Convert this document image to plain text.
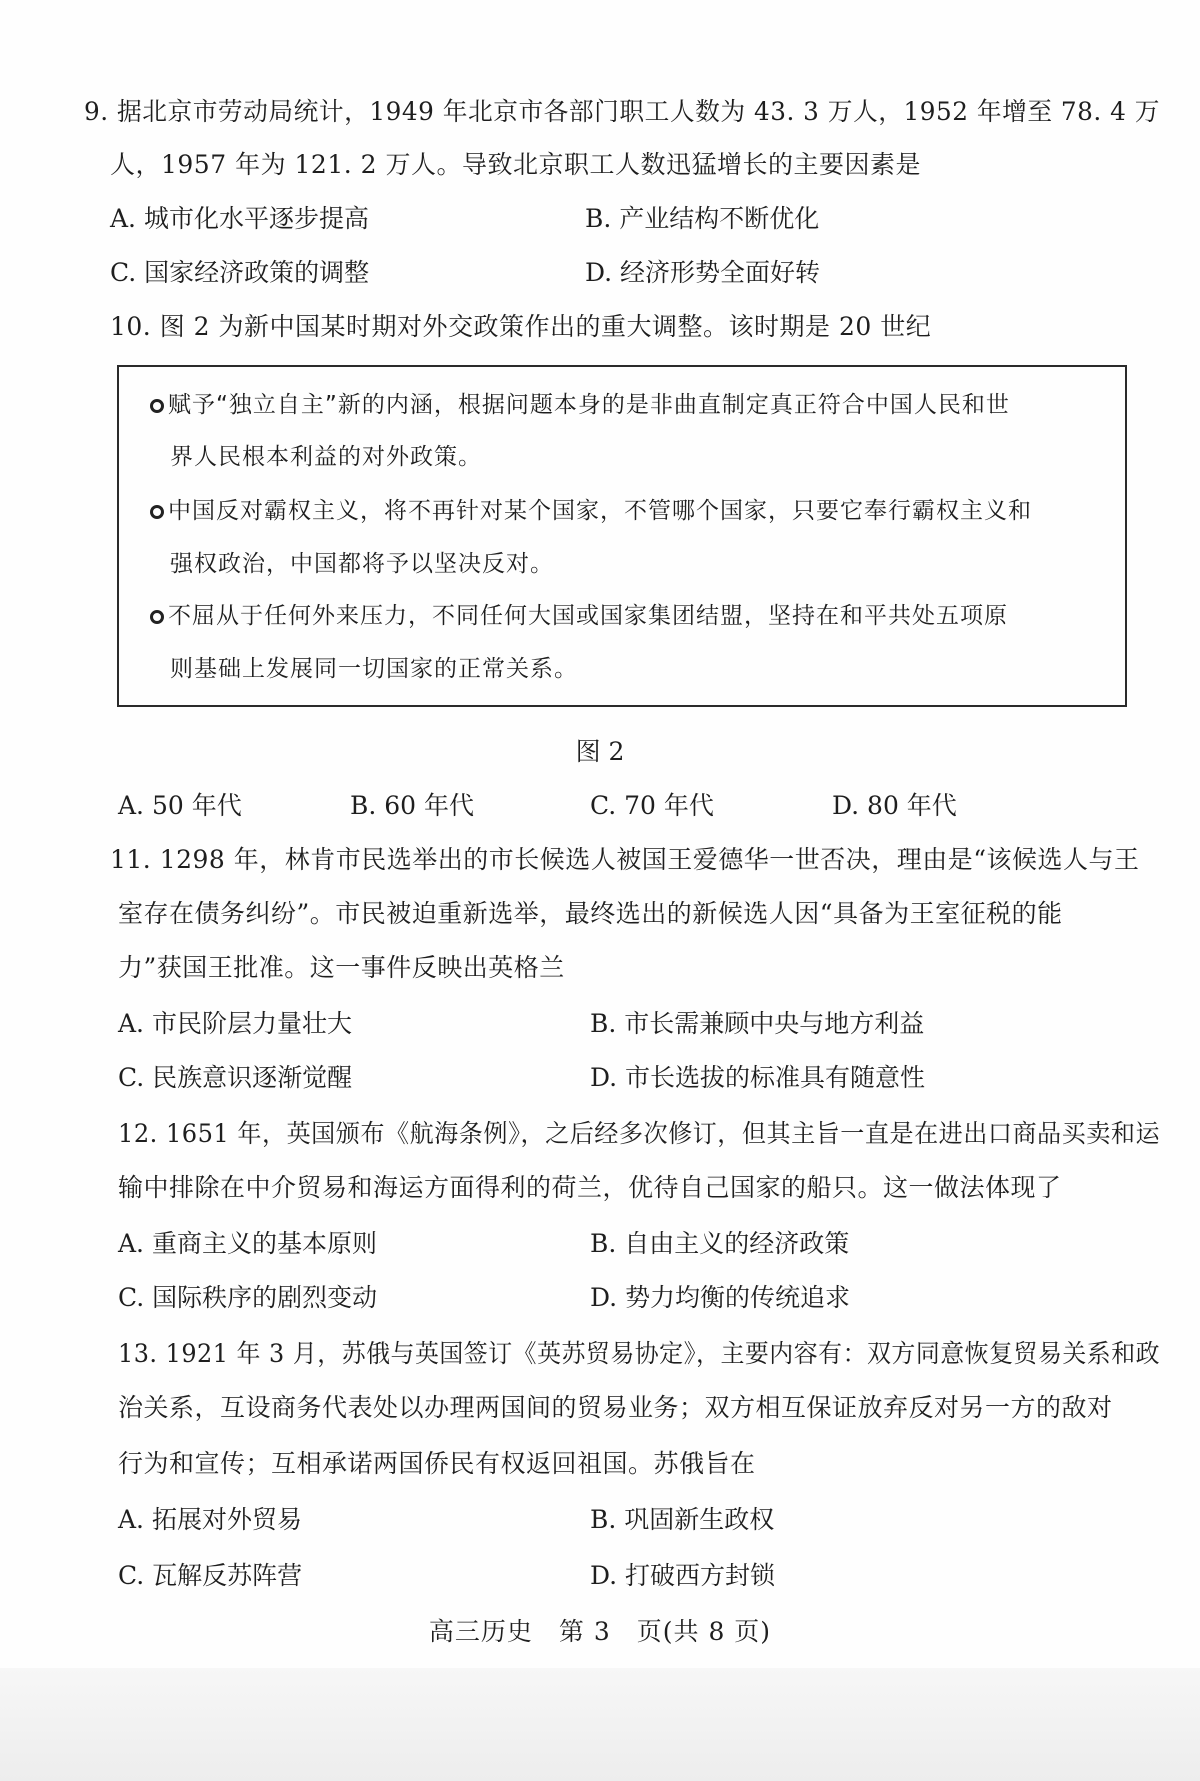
9. 据北京市劳动局统计，1949 年北京市各部门职工人数为 43. 3 万人，1952 年增至 78. 4 万
人，1957 年为 121. 2 万人。导致北京职工人数迅猛增长的主要因素是
A. 城市化水平逐步提高	B. 产业结构不断优化
C. 国家经济政策的调整	D. 经济形势全面好转
10. 图 2 为新中国某时期对外交政策作出的重大调整。该时期是 20 世纪
赋予“独立自主”新的内涵，根据问题本身的是非曲直制定真正符合中国人民和世
界人民根本利益的对外政策。
中国反对霸权主义，将不再针对某个国家，不管哪个国家，只要它奉行霸权主义和
强权政治，中国都将予以坚决反对。
不屈从于任何外来压力，不同任何大国或国家集团结盟，坚持在和平共处五项原
则基础上发展同一切国家的正常关系。
图 2
A. 50 年代	B. 60 年代	C. 70 年代	D. 80 年代
11. 1298 年，林肯市民选举出的市长候选人被国王爱德华一世否决，理由是“该候选人与王
室存在债务纠纷”。市民被迫重新选举，最终选出的新候选人因“具备为王室征税的能
力”获国王批准。这一事件反映出英格兰
A. 市民阶层力量壮大	B. 市长需兼顾中央与地方利益
C. 民族意识逐渐觉醒	D. 市长选拔的标准具有随意性
12. 1651 年，英国颁布《航海条例》，之后经多次修订，但其主旨一直是在进出口商品买卖和运
输中排除在中介贸易和海运方面得利的荷兰，优待自己国家的船只。这一做法体现了
A. 重商主义的基本原则	B. 自由主义的经济政策
C. 国际秩序的剧烈变动	D. 势力均衡的传统追求
13. 1921 年 3 月，苏俄与英国签订《英苏贸易协定》，主要内容有：双方同意恢复贸易关系和政
治关系，互设商务代表处以办理两国间的贸易业务；双方相互保证放弃反对另一方的敌对
行为和宣传；互相承诺两国侨民有权返回祖国。苏俄旨在
A. 拓展对外贸易	B. 巩固新生政权
C. 瓦解反苏阵营	D. 打破西方封锁
高三历史　第 3　页(共 8 页)
